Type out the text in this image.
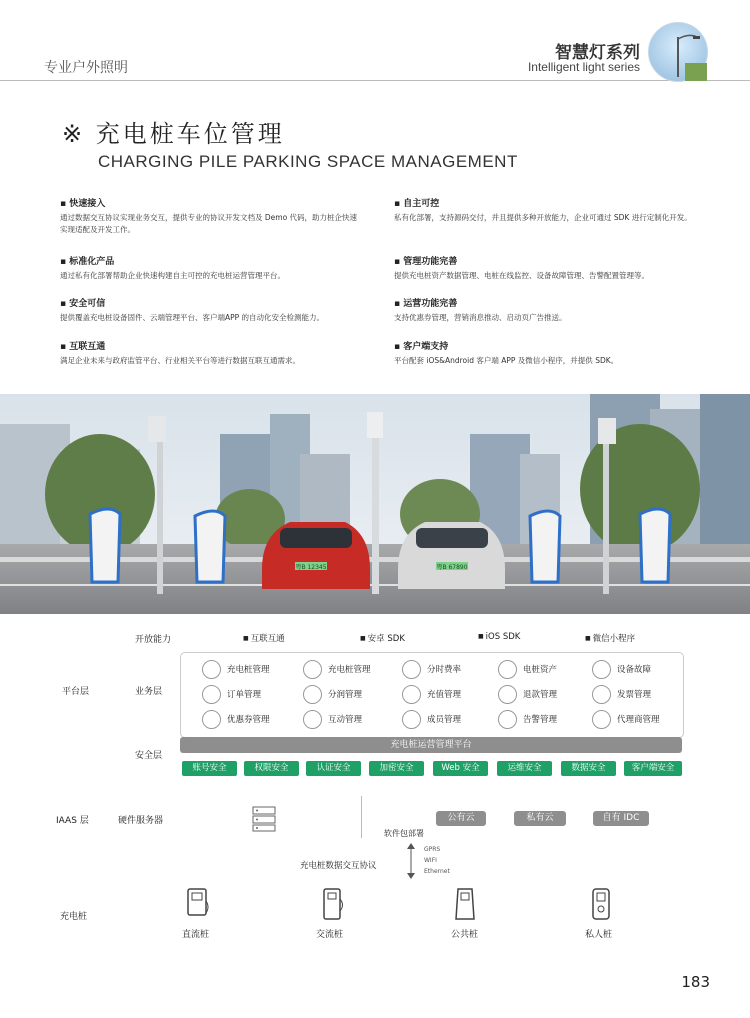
专业户外照明
智慧灯系列
Intelligent light series
※ 充电桩车位管理
CHARGING PILE PARKING SPACE MANAGEMENT
▪ 快速接入
通过数据交互协议实现业务交互，提供专业的协议开发文档及 Demo 代码，助力桩企快速实现适配及开发工作。
▪ 自主可控
私有化部署，支持源码交付，并且提供多种开放能力，企业可通过 SDK 进行定制化开发。
▪ 标准化产品
通过私有化部署帮助企业快速构建自主可控的充电桩运营管理平台。
▪ 管理功能完善
提供充电桩资产数据管理、电桩在线监控、设备故障管理、告警配置管理等。
▪ 安全可信
提供覆盖充电桩设备固件、云端管理平台、客户端APP 的自动化安全检测能力。
▪ 运营功能完善
支持优惠券管理，营销消息推动、启动页广告推送。
▪ 互联互通
满足企业未来与政府监管平台、行业相关平台等进行数据互联互通需求。
▪ 客户端支持
平台配套 iOS&Android 客户端 APP 及微信小程序，并提供 SDK。
粤B 12345	粤B 67890
开放能力	■ 互联互通	■ 安卓 SDK	■ iOS SDK	■ 微信小程序
平台层	业务层
充电桩管理	充电桩管理	分时费率	电桩资产	设备故障
订单管理	分润管理	充值管理	退款管理	发票管理
优惠券管理	互动管理	成员管理	告警管理	代理商管理
充电桩运营管理平台
安全层
账号安全	权限安全	认证安全	加密安全	Web 安全	运维安全	数据安全	客户端安全
IAAS 层	硬件服务器	公有云	私有云	自有 IDC
软件包部署
充电桩数据交互协议
GPRS
WIFI
Ethernet
充电桩
直流桩	交流桩	公共桩	私人桩
183
